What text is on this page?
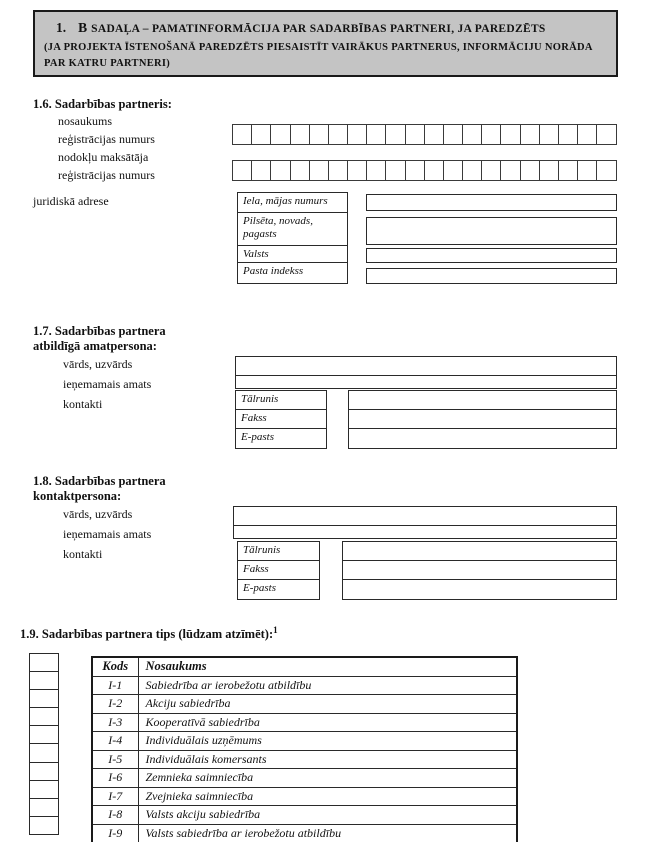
1. B SADAĻA – PAMATINFORMĀCIJA PAR SADARBĪBAS PARTNERI, JA PAREDZĒTS
(JA PROJEKTA ĪSTENOŠANĀ PAREDZĒTS PIESAISTĪT VAIRĀKUS PARTNERUS, INFORMĀCIJU NORĀDA PAR KATRU PARTNERI)
1.6. Sadarbības partneris:
nosaukums
reģistrācijas numurs
nodokļu maksātāja
reģistrācijas numurs
juridiskā adrese	Iela, mājas numurs
Pilsēta, novads, pagasts
Valsts
Pasta indekss
1.7. Sadarbības partnera
atbildīgā amatpersona:
vārds, uzvārds
ieņemamais amats
kontakti	Tālrunis
Fakss
E-pasts
1.8. Sadarbības partnera
kontaktpersona:
vārds, uzvārds
ieņemamais amats
kontakti	Tālrunis
Fakss
E-pasts
1.9. Sadarbības partnera tips (lūdzam atzīmēt):$^1$
Kods	Nosaukums
I-1	Sabiedrība ar ierobežotu atbildību
I-2	Akciju sabiedrība
I-3	Kooperatīvā sabiedrība
I-4	Individuālais uzņēmums
I-5	Individuālais komersants
I-6	Zemnieka saimniecība
I-7	Zvejnieka saimniecība
I-8	Valsts akciju sabiedrība
I-9	Valsts sabiedrība ar ierobežotu atbildību
